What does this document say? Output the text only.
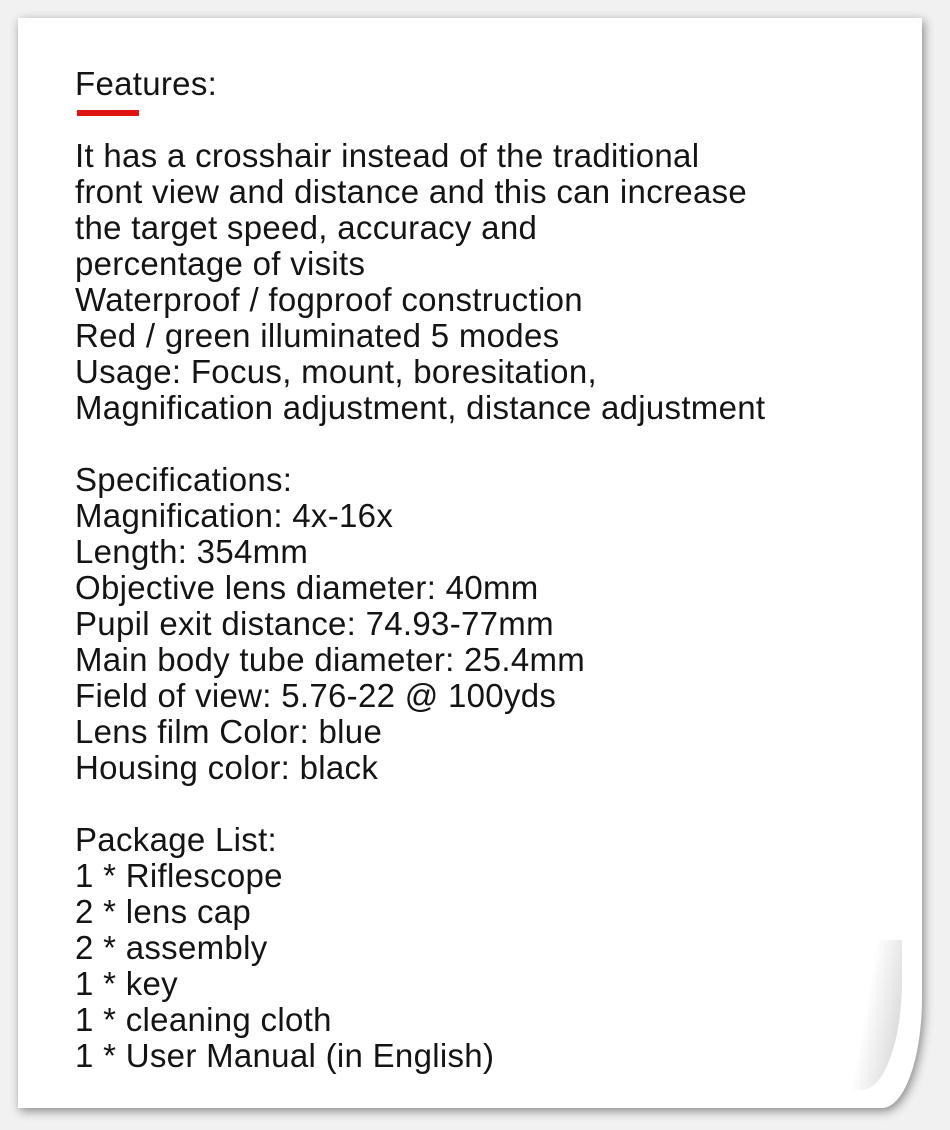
Features:
It has a crosshair instead of the traditional
front view and distance and this can increase
the target speed, accuracy and
percentage of visits
Waterproof / fogproof construction
Red / green illuminated 5 modes
Usage: Focus, mount, boresitation,
Magnification adjustment, distance adjustment
Specifications:
Magnification: 4x-16x
Length: 354mm
Objective lens diameter: 40mm
Pupil exit distance: 74.93-77mm
Main body tube diameter: 25.4mm
Field of view: 5.76-22 @ 100yds
Lens film Color: blue
Housing color: black
Package List:
1 * Riflescope
2 * lens cap
2 * assembly
1 * key
1 * cleaning cloth
1 * User Manual (in English)
